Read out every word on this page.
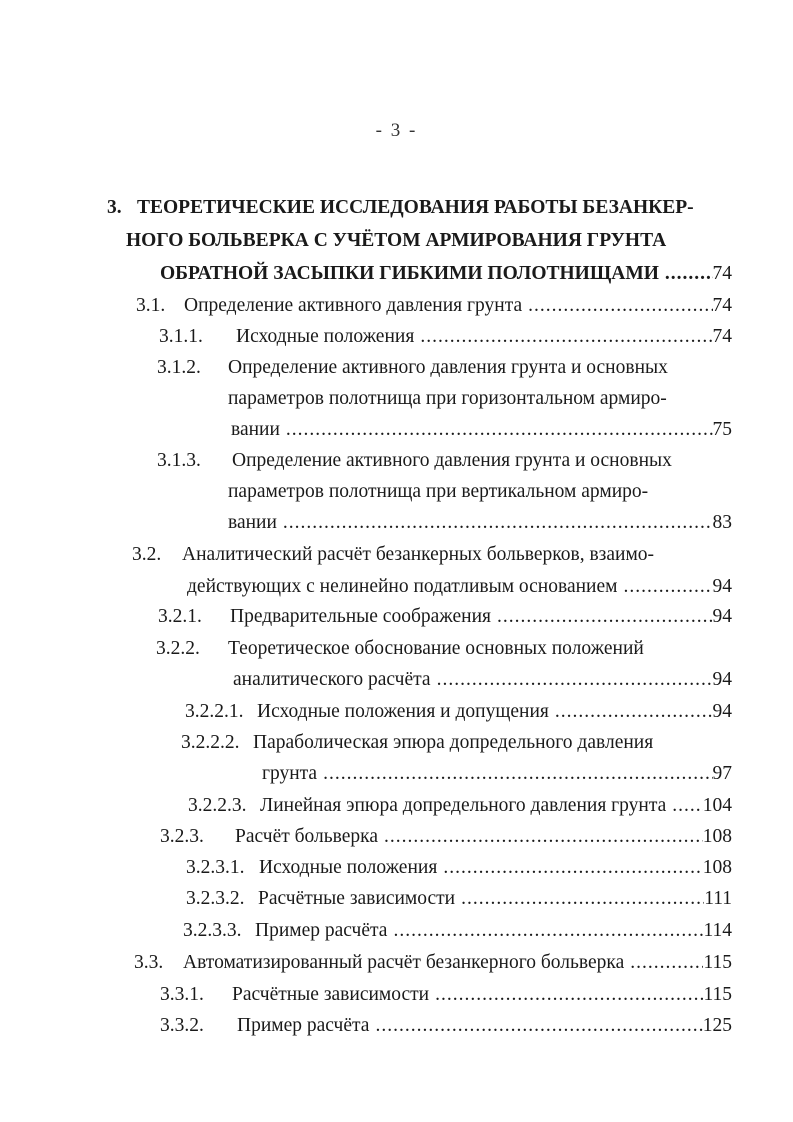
- 3 -
3. ТЕОРЕТИЧЕСКИЕ ИССЛЕДОВАНИЯ РАБОТЫ БЕЗАНКЕР-
НОГО БОЛЬВЕРКА С УЧЁТОМ АРМИРОВАНИЯ ГРУНТА
ОБРАТНОЙ ЗАСЫПКИ ГИБКИМИ ПОЛОТНИЩАМИ .....	74
3.1. Определение активного давления грунта .....	74
3.1.1. Исходные положения .....	74
3.1.2. Определение активного давления грунта и основных
параметров полотнища при горизонтальном армиро-
вании .....	75
3.1.3. Определение активного давления грунта и основных
параметров полотнища при вертикальном армиро-
вании .....	83
3.2. Аналитический расчёт безанкерных больверков, взаимо-
действующих с нелинейно податливым основанием .....	94
3.2.1. Предварительные соображения .....	94
3.2.2. Теоретическое обоснование основных положений
аналитического расчёта .....	94
3.2.2.1. Исходные положения и допущения .....	94
3.2.2.2. Параболическая эпюра допредельного давления
грунта .....	97
3.2.2.3. Линейная эпюра допредельного давления грунта ..... 104
3.2.3. Расчёт больверка .....	108
3.2.3.1. Исходные положения .....	108
3.2.3.2. Расчётные зависимости .....	111
3.2.3.3. Пример расчёта .....	114
3.3. Автоматизированный расчёт безанкерного больверка .....	115
3.3.1. Расчётные зависимости .....	115
3.3.2. Пример расчёта .....	125
